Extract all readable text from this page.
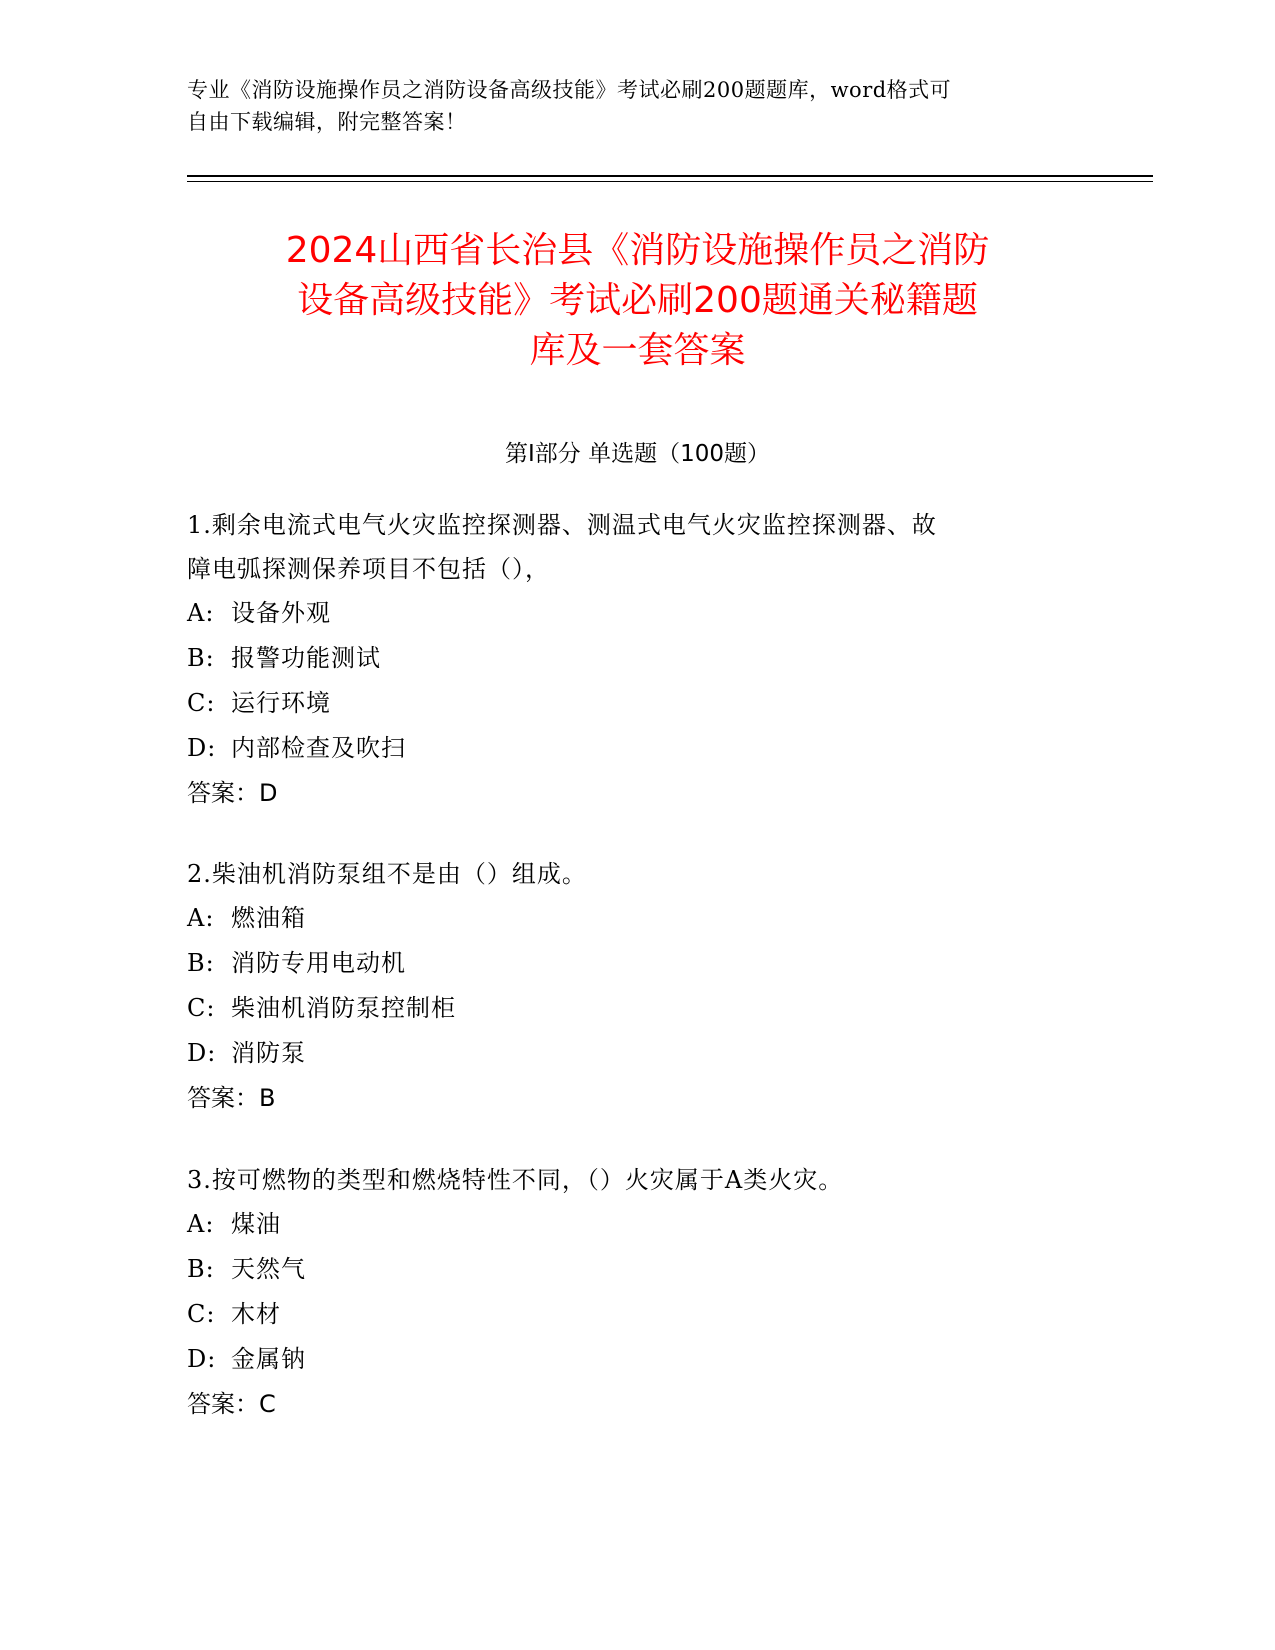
专业《消防设施操作员之消防设备高级技能》考试必刷200题题库，word格式可
自由下载编辑，附完整答案！
2024山西省长治县《消防设施操作员之消防
设备高级技能》考试必刷200题通关秘籍题
库及一套答案
第I部分 单选题（100题）
1.剩余电流式电气火灾监控探测器、测温式电气火灾监控探测器、故
障电弧探测保养项目不包括（），
A: 设备外观
B: 报警功能测试
C: 运行环境
D: 内部检查及吹扫
答案：D
2.柴油机消防泵组不是由（）组成。
A: 燃油箱
B: 消防专用电动机
C: 柴油机消防泵控制柜
D: 消防泵
答案：B
3.按可燃物的类型和燃烧特性不同，（）火灾属于A类火灾。
A: 煤油
B: 天然气
C: 木材
D: 金属钠
答案：C
